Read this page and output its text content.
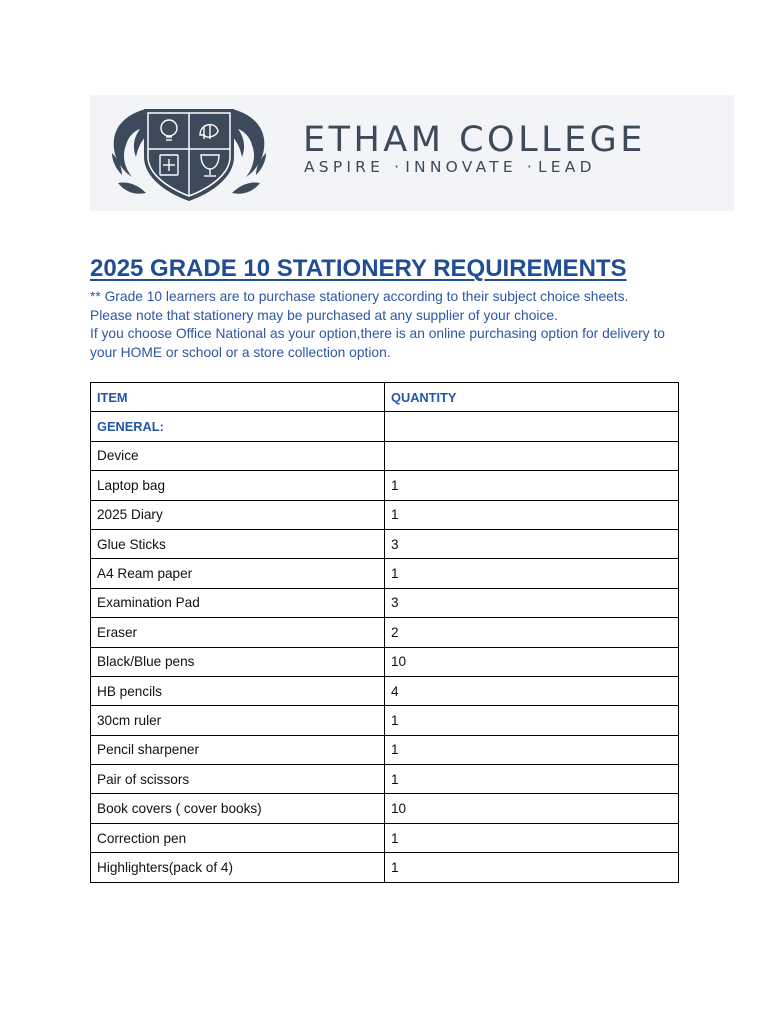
ETHAM COLLEGE
ASPIRE · INNOVATE · LEAD
2025 GRADE 10 STATIONERY REQUIREMENTS

** Grade 10 learners are to purchase stationery according to their subject choice sheets.

Please note that stationery may be purchased at any supplier of your choice.

If you choose Office National as your option,there is an online purchasing option for delivery to your HOME or school or a store collection option.

ITEM	QUANTITY
GENERAL:	
Device	
Laptop bag	1
2025 Diary	1
Glue Sticks	3
A4 Ream paper	1
Examination Pad	3
Eraser	2
Black/Blue pens	10
HB pencils	4
30cm ruler	1
Pencil sharpener	1
Pair of scissors	1
Book covers ( cover books)	10
Correction pen	1
Highlighters(pack of 4)	1
